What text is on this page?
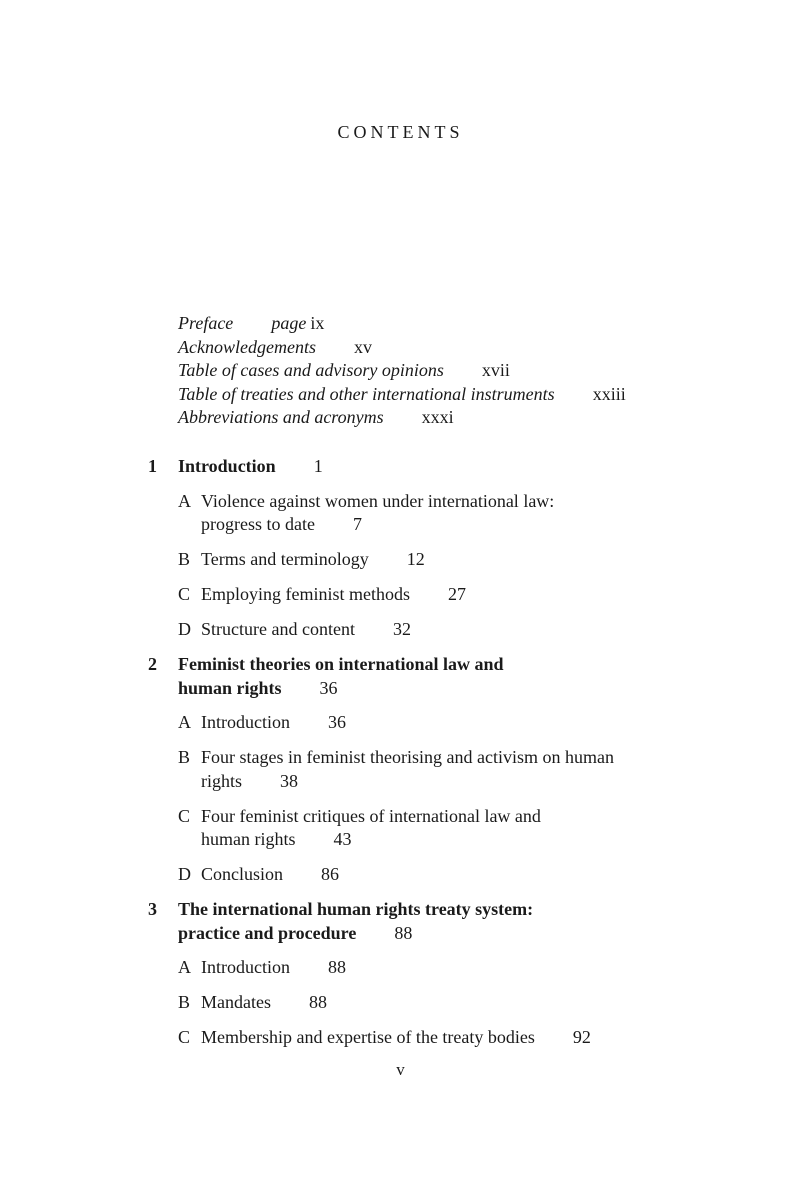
CONTENTS
Preface page ix
Acknowledgements xv
Table of cases and advisory opinions xvii
Table of treaties and other international instruments xxiii
Abbreviations and acronyms xxxi
1 Introduction 1
A Violence against women under international law:
progress to date 7
B Terms and terminology 12
C Employing feminist methods 27
D Structure and content 32
2 Feminist theories on international law and
human rights 36
A Introduction 36
B Four stages in feminist theorising and activism on human
rights 38
C Four feminist critiques of international law and
human rights 43
D Conclusion 86
3 The international human rights treaty system:
practice and procedure 88
A Introduction 88
B Mandates 88
C Membership and expertise of the treaty bodies 92
v
